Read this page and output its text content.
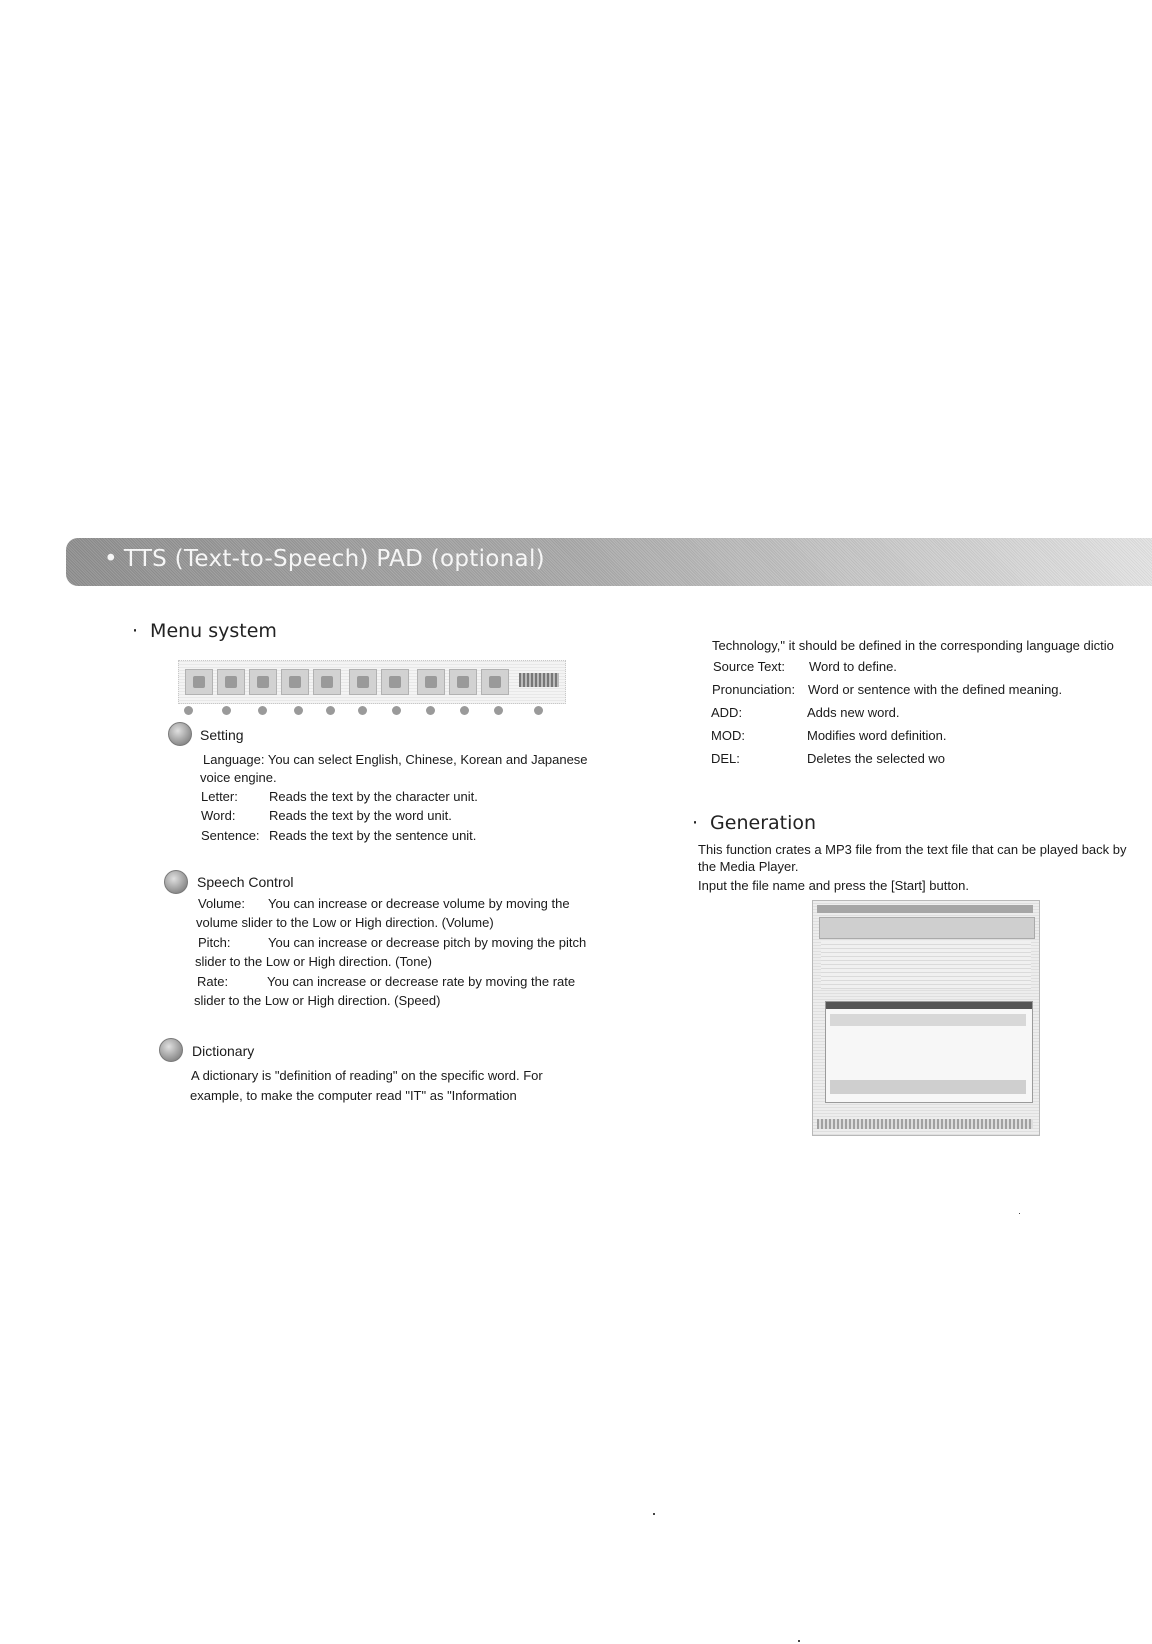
• TTS (Text-to-Speech) PAD (optional)
· Menu system
Setting
Language: You can select English, Chinese, Korean and Japanese
voice engine.
Letter: Reads the text by the character unit.
Word:	Reads the text by the word unit.
Sentence: Reads the text by the sentence unit.
Speech Control
Volume: You can increase or decrease volume by moving the
volume slider to the Low or High direction. (Volume)
Pitch:	You can increase or decrease pitch by moving the pitch
slider to the Low or High direction. (Tone)
Rate:	You can increase or decrease rate by moving the rate
slider to the Low or High direction. (Speed)
Dictionary
A dictionary is "definition of reading" on the specific word. For
example, to make the computer read "IT" as "Information
Technology," it should be defined in the corresponding language dictio
Source Text: Word to define.
Pronunciation: Word or sentence with the defined meaning.
ADD:	Adds new word.
MOD:	Modifies word definition.
DEL:	Deletes the selected wo
· Generation
This function crates a MP3 file from the text file that can be played back by
the Media Player.
Input the file name and press the [Start] button.
